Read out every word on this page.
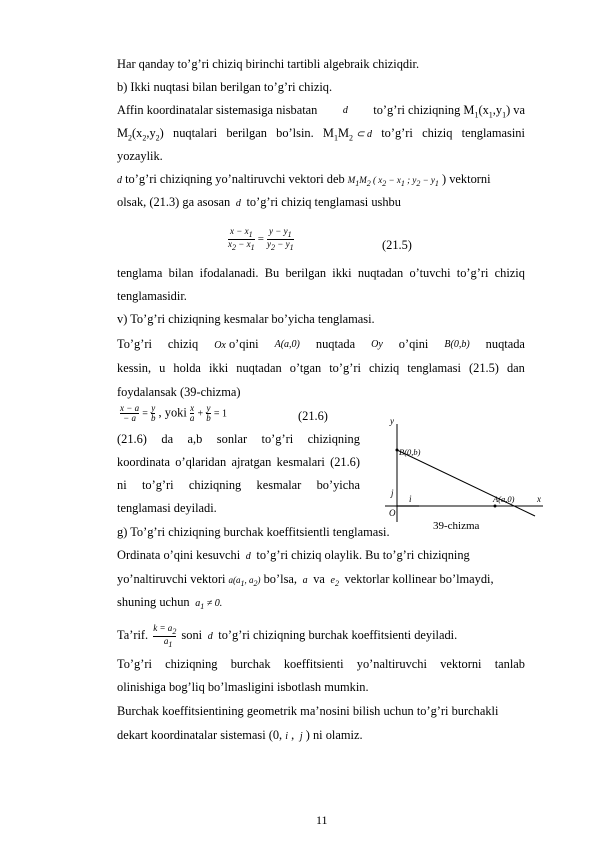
Har qanday to’g’ri chiziq birinchi tartibli algebraik chiziqdir.
b) Ikki nuqtasi bilan berilgan to’g’ri chiziq.
Affin koordinatalar sistemasiga nisbatan	d to’g’ri chiziqning $M_1(x_1,y_1)$ va
$M_2(x_2,y_2)$ nuqtalari berilgan bo’lsin. $M_1M_2$ ⊂ d to’g’ri chiziq tenglamasini
yozaylik.
d to’g’ri chiziqning yo’naltiruvchi vektori deb $M_1M_2$ ( $x_2 - x_1$ ; $y_2 - y_1$ ) vektorni
olsak, (21.3) ga asosan  d  to’g’ri chiziq tenglamasi ushbu
$\frac{x - x_1}{x_2 - x_1} = \frac{y - y_1}{y_2 - y_1}$	(21.5)
tenglama bilan ifodalanadi. Bu berilgan ikki nuqtadan o’tuvchi to’g’ri chiziq
tenglamasidir.
v) To’g’ri chiziqning kesmalar bo’yicha tenglamasi.
To’g’ri chiziq Ox o’qini A(a,0) nuqtada Oy o’qini B(0,b) nuqtada
kessin, u holda ikki nuqtadan o’tgan to’g’ri chiziq tenglamasi (21.5) dan
foydalansak (39-chizma)
$\frac{x - a}{- a} = \frac{y}{b}$ , yoki $\frac{x}{a} + \frac{y}{b} = 1$	(21.6)
(21.6) da a,b sonlar to’g’ri chiziqning
koordinata o’qlaridan ajratgan kesmalari (21.6)
ni to’g’ri chiziqning kesmalar bo’yicha
tenglamasi deyiladi.
y
x
B(0,b)
A(a,0)
O
j
i
39-chizma
g) To’g’ri chiziqning burchak koeffitsientli tenglamasi.
Ordinata o’qini kesuvchi  d  to’g’ri chiziq olaylik. Bu to’g’ri chiziqning
yo’naltiruvchi vektori $a(a_1$, $a_2$) bo’lsa,  a  va  $e_2$ vektorlar kollinear bo’lmaydi,
shuning uchun  $a_1 \ne 0$.
Ta’rif. $\frac{k = a_2}{a_1}$ soni  d  to’g’ri chiziqning burchak koeffitsienti deyiladi.
To’g’ri chiziqning burchak koeffitsienti yo’naltiruvchi vektorni tanlab
olinishiga bog’liq bo’lmasligini isbotlash mumkin.
Burchak koeffitsientining geometrik ma’nosini bilish uchun to’g’ri burchakli
dekart koordinatalar sistemasi (0, i ,  j ) ni olamiz.
11
